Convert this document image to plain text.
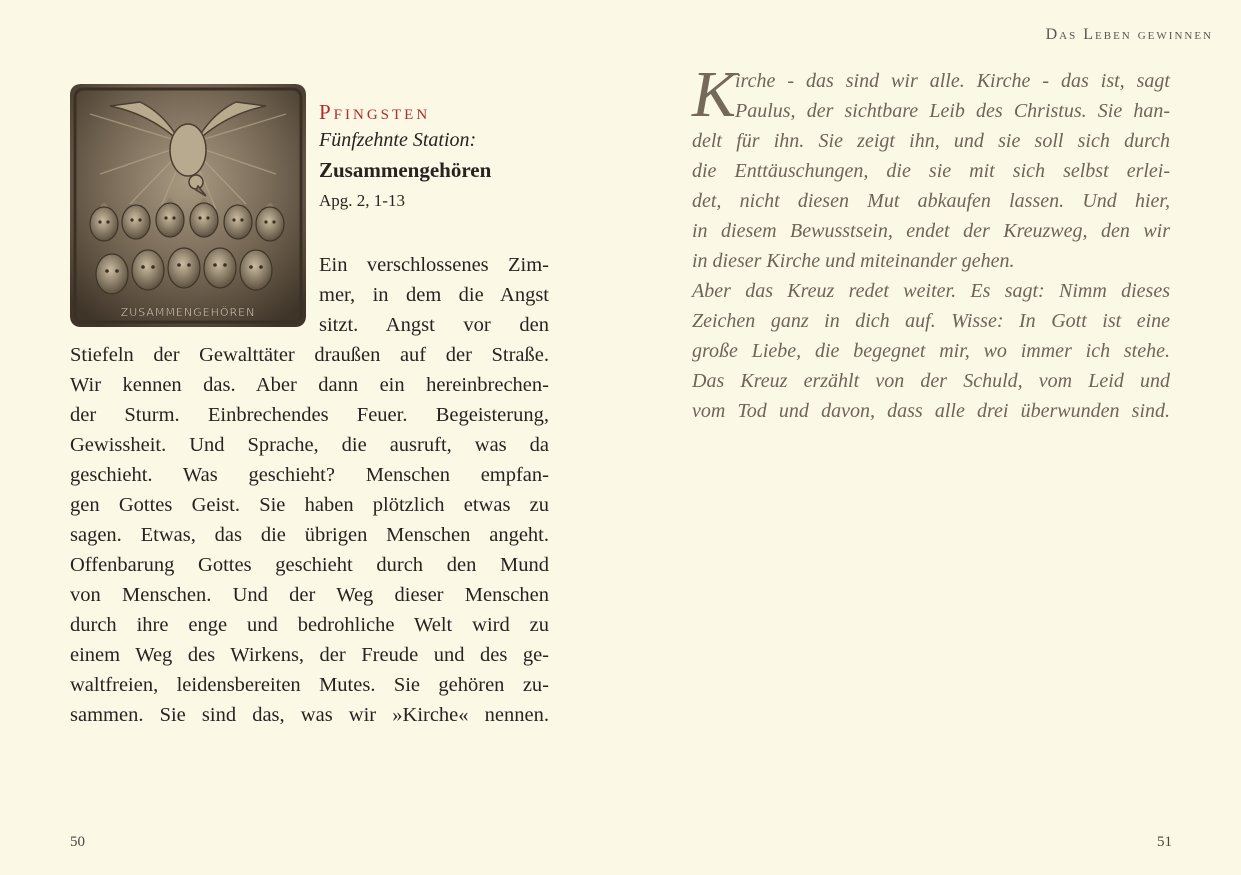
ZUSAMMENGEHÖREN
Pfingsten
Fünfzehnte Station:
Zusammengehören
Apg. 2, 1-13

Ein verschlossenes Zim-

mer, in dem die Angst

sitzt. Angst vor den

Stiefeln der Gewalttäter draußen auf der Straße.

Wir kennen das. Aber dann ein hereinbrechen-

der Sturm. Einbrechendes Feuer. Begeisterung,

Gewissheit. Und Sprache, die ausruft, was da

geschieht. Was geschieht? Menschen empfan-

gen Gottes Geist. Sie haben plötzlich etwas zu

sagen. Etwas, das die übrigen Menschen angeht.

Offenbarung Gottes geschieht durch den Mund

von Menschen. Und der Weg dieser Menschen

durch ihre enge und bedrohliche Welt wird zu

einem Weg des Wirkens, der Freude und des ge-

waltfreien, leidensbereiten Mutes. Sie gehören zu-

sammen. Sie sind das, was wir »Kirche« nennen.

50
Das Leben gewinnen
K

irche - das sind wir alle. Kirche - das ist, sagt

Paulus, der sichtbare Leib des Christus. Sie han-

delt für ihn. Sie zeigt ihn, und sie soll sich durch

die Enttäuschungen, die sie mit sich selbst erlei-

det, nicht diesen Mut abkaufen lassen. Und hier,

in diesem Bewusstsein, endet der Kreuzweg, den wir

in dieser Kirche und miteinander gehen.

Aber das Kreuz redet weiter. Es sagt: Nimm dieses

Zeichen ganz in dich auf. Wisse: In Gott ist eine

große Liebe, die begegnet mir, wo immer ich stehe.

Das Kreuz erzählt von der Schuld, vom Leid und

vom Tod und davon, dass alle drei überwunden sind.

51
